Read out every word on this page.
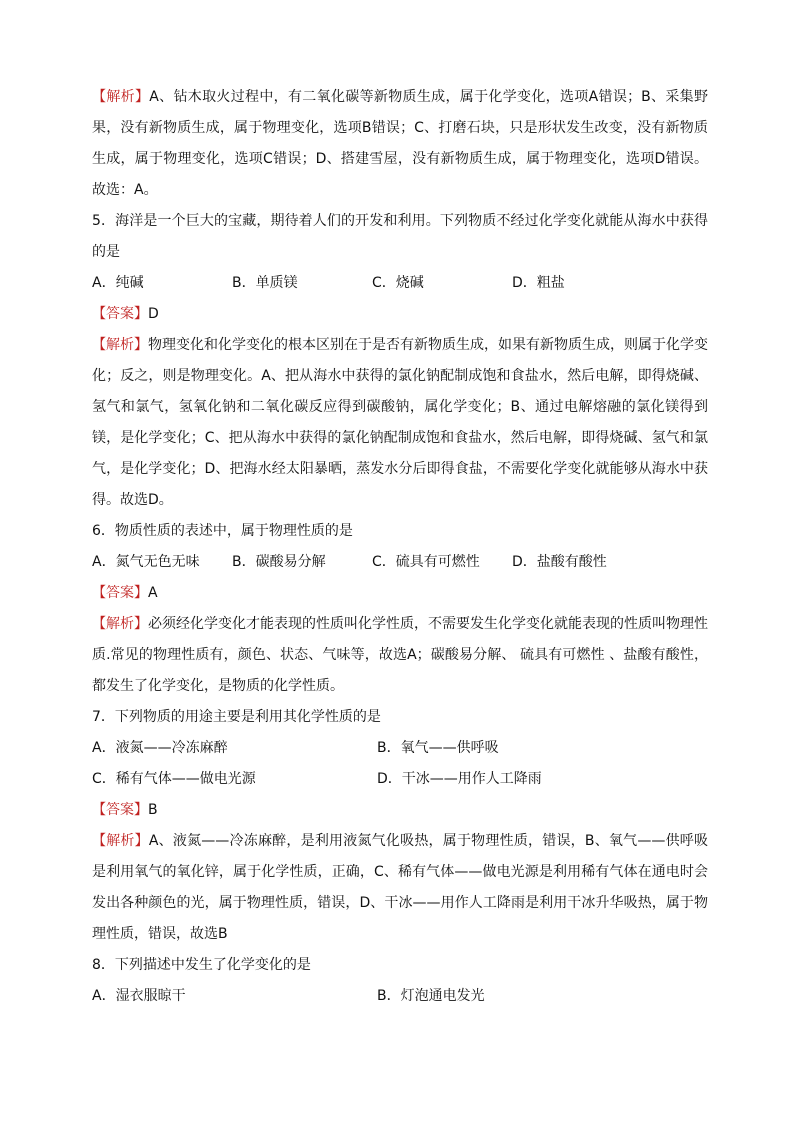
【解析】A、钻木取火过程中，有二氧化碳等新物质生成，属于化学变化，选项A错误；B、采集野果，没有新物质生成，属于物理变化，选项B错误；C、打磨石块，只是形状发生改变，没有新物质生成，属于物理变化，选项C错误；D、搭建雪屋，没有新物质生成，属于物理变化，选项D错误。故选：A。

5．海洋是一个巨大的宝藏，期待着人们的开发和利用。下列物质不经过化学变化就能从海水中获得的是

A．纯碱	B．单质镁	C．烧碱	D．粗盐

【答案】D

【解析】物理变化和化学变化的根本区别在于是否有新物质生成，如果有新物质生成，则属于化学变化；反之，则是物理变化。A、把从海水中获得的氯化钠配制成饱和食盐水，然后电解，即得烧碱、氢气和氯气，氢氧化钠和二氧化碳反应得到碳酸钠，属化学变化；B、通过电解熔融的氯化镁得到镁，是化学变化；C、把从海水中获得的氯化钠配制成饱和食盐水，然后电解，即得烧碱、氢气和氯气，是化学变化；D、把海水经太阳暴晒，蒸发水分后即得食盐，不需要化学变化就能够从海水中获得。故选D。

6．物质性质的表述中，属于物理性质的是

A．氮气无色无味	B．碳酸易分解	C．硫具有可燃性	D．盐酸有酸性

【答案】A

【解析】必须经化学变化才能表现的性质叫化学性质，不需要发生化学变化就能表现的性质叫物理性质.常见的物理性质有，颜色、状态、气味等，故选A；碳酸易分解、 硫具有可燃性 、盐酸有酸性，都发生了化学变化，是物质的化学性质。

7．下列物质的用途主要是利用其化学性质的是

A．液氮——冷冻麻醉	B．氧气——供呼吸
C．稀有气体——做电光源	D．干冰——用作人工降雨

【答案】B

【解析】A、液氮——冷冻麻醉，是利用液氮气化吸热，属于物理性质，错误，B、氧气——供呼吸是利用氧气的氧化锌，属于化学性质，正确，C、稀有气体——做电光源是利用稀有气体在通电时会发出各种颜色的光，属于物理性质，错误，D、干冰——用作人工降雨是利用干冰升华吸热，属于物理性质，错误，故选B

8．下列描述中发生了化学变化的是

A．湿衣服晾干	B．灯泡通电发光
